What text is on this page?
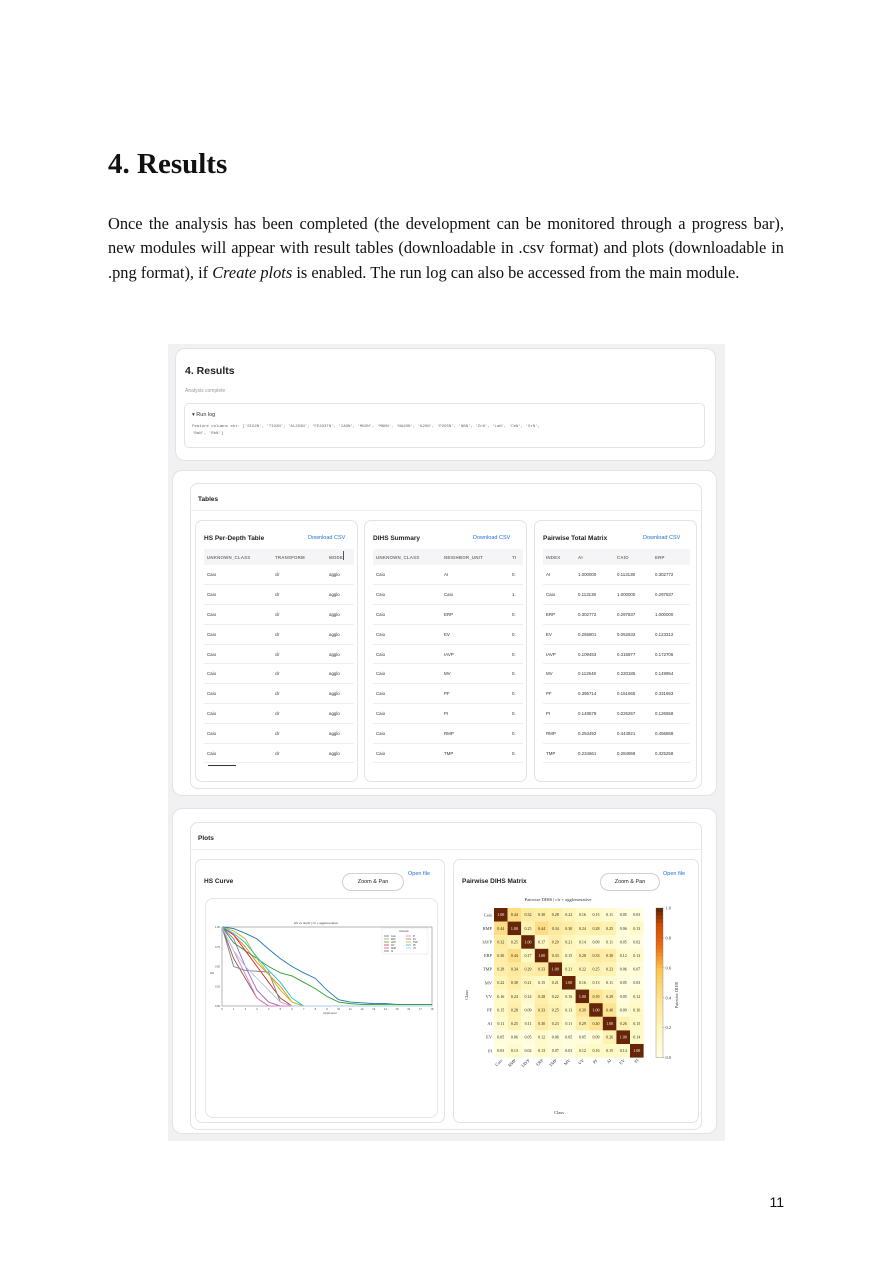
4. Results

Once the analysis has been completed (the development can be monitored through a progress bar), new modules will appear with result tables (downloadable in .csv format) and plots (downloadable in .png format), if Create plots is enabled. The run log can also be accessed from the main module.

4. Results
Analysis complete
▾ Run log
Feature columns set: ['SIO2N', 'TIO2N', 'AL2O3N', 'FE2O3TN', 'CAON', 'MGON', 'MNON', 'NA2ON', 'K2ON', 'P2O5N', 'NBN', 'ZrN', 'LaN', 'CeN', 'SrN',
'BaN', 'RbN']
Tables
HS Per-Depth Table	Download CSV
UNKNOWN_CLASS	TRANSFORM	MODE
Caio	clr	agglo
Caio	clr	agglo
Caio	clr	agglo
Caio	clr	agglo
Caio	clr	agglo
Caio	clr	agglo
Caio	clr	agglo
Caio	clr	agglo
Caio	clr	agglo
Caio	clr	agglo
DIHS Summary	Download CSV
UNKNOWN_CLASS	NEIGHBOR_UNIT	TI
Caio	AI	0.
Caio	Caio	1.
Caio	ERP	0.
Caio	EV	0.
Caio	IAVP	0.
Caio	MV	0.
Caio	PF	0.
Caio	PI	0.
Caio	RMP	0.
Caio	TMP	0.
Pairwise Total Matrix	Download CSV
INDEX	AI	CAIO	ERP
AI	1.000000	0.113138	0.302772
Caio	0.113138	1.000000	0.297837
ERP	0.302772	0.297837	1.000000
EV	0.256801	0.052632	0.123312
IAVP	0.109453	0.315877	0.172706
MV	0.112648	0.220185	0.149954
PF	0.395714	0.151665	0.331693
PI	0.148579	0.026267	0.126558
RMP	0.253492	0.444921	0.456858
TMP	0.234661	0.284969	0.325258
Plots
HS Curve	Zoom & Pan
Open file
HS vs depth | clr + agglomerative
HS
Depth level
1.00
0.75
0.50
0.25
0.00
0	1	2	3	4	5	6	7	8	9	10	11	12	13	14	15	16	17	18
Unknown
Caio
ERP
IAVP
MV
RMP
AI
PI
EV
TMP
PF
VV
Pairwise DIHS Matrix	Zoom & Pan
Open file
Pairwise DIHS | clr + agglomerative
Class
Class	Pairwise DIHS
1.00 0.44 0.32 0.30 0.28 0.22 0.16 0.15 0.11 0.05 0.03
0.44 1.00 0.25 0.44 0.34 0.30 0.24 0.28 0.25 0.06 0.13
0.32 0.25 1.00 0.17 0.29 0.21 0.14 0.09 0.11 0.05 0.02
0.30 0.44 0.17 1.00 0.33 0.15 0.28 0.33 0.30 0.12 0.13
0.28 0.34 0.29 0.33 1.00 0.21 0.22 0.25 0.23 0.06 0.07
0.22 0.30 0.21 0.15 0.21 1.00 0.16 0.13 0.11 0.05 0.03
0.16 0.24 0.14 0.28 0.22 0.16 1.00 0.39 0.29 0.05 0.12
0.15 0.28 0.09 0.33 0.25 0.13 0.39 1.00 0.40 0.09 0.16
0.11 0.25 0.11 0.30 0.23 0.11 0.29 0.40 1.00 0.26 0.15
0.05 0.06 0.05 0.12 0.06 0.05 0.05 0.09 0.26 1.00 0.14
0.03 0.13 0.02 0.13 0.07 0.03 0.12 0.16 0.15 0.14 1.00
Caio
RMP
IAVP
ERP
TMP
MV
VV
PF
AI
EV
PI
Caio RMP IAVP ERP TMP MV VV PF AI EV PI
1.0
0.8
0.6
0.4
0.2
0.0
11
